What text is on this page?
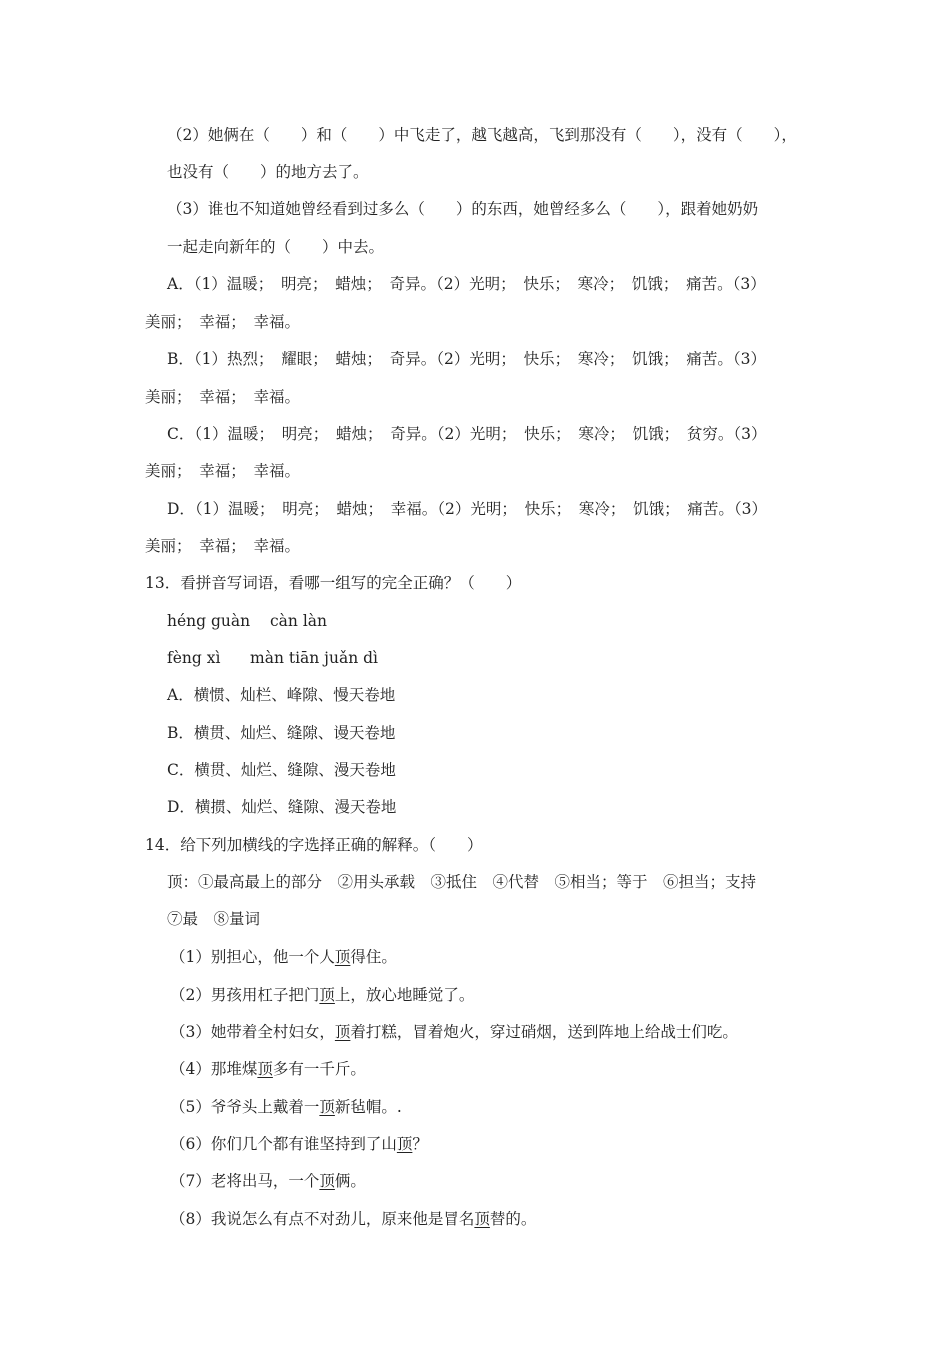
（2）她俩在（　　）和（　　）中飞走了，越飞越高，飞到那没有（　　），没有（　　），
也没有（　　）的地方去了。
（3）谁也不知道她曾经看到过多么（　　）的东西，她曾经多么（　　），跟着她奶奶
一起走向新年的（　　）中去。
A．（1）温暖；　明亮；　蜡烛；　奇异。（2）光明；　快乐；　寒冷；　饥饿；　痛苦。（3）
美丽；　幸福；　幸福。
B．（1）热烈；　耀眼；　蜡烛；　奇异。（2）光明；　快乐；　寒冷；　饥饿；　痛苦。（3）
美丽；　幸福；　幸福。
C．（1）温暖；　明亮；　蜡烛；　奇异。（2）光明；　快乐；　寒冷；　饥饿；　贫穷。（3）
美丽；　幸福；　幸福。
D．（1）温暖；　明亮；　蜡烛；　幸福。（2）光明；　快乐；　寒冷；　饥饿；　痛苦。（3）
美丽；　幸福；　幸福。
13．看拼音写词语，看哪一组写的完全正确？（　　）
héng guàn càn làn
fèng xì màn tiān juǎn dì
A．横惯、灿栏、峰隙、慢天卷地
B．横贯、灿烂、缝隙、谩天卷地
C．横贯、灿烂、缝隙、漫天卷地
D．横掼、灿烂、缝隙、漫天卷地
14．给下列加横线的字选择正确的解释。（　　）
顶：①最高最上的部分　②用头承载　③抵住　④代替　⑤相当；等于　⑥担当；支持
⑦最　⑧量词
（1）别担心，他一个人顶得住。
（2）男孩用杠子把门顶上，放心地睡觉了。
（3）她带着全村妇女，顶着打糕，冒着炮火，穿过硝烟，送到阵地上给战士们吃。
（4）那堆煤顶多有一千斤。
（5）爷爷头上戴着一顶新毡帽。.
（6）你们几个都有谁坚持到了山顶？
（7）老将出马，一个顶俩。
（8）我说怎么有点不对劲儿，原来他是冒名顶替的。
